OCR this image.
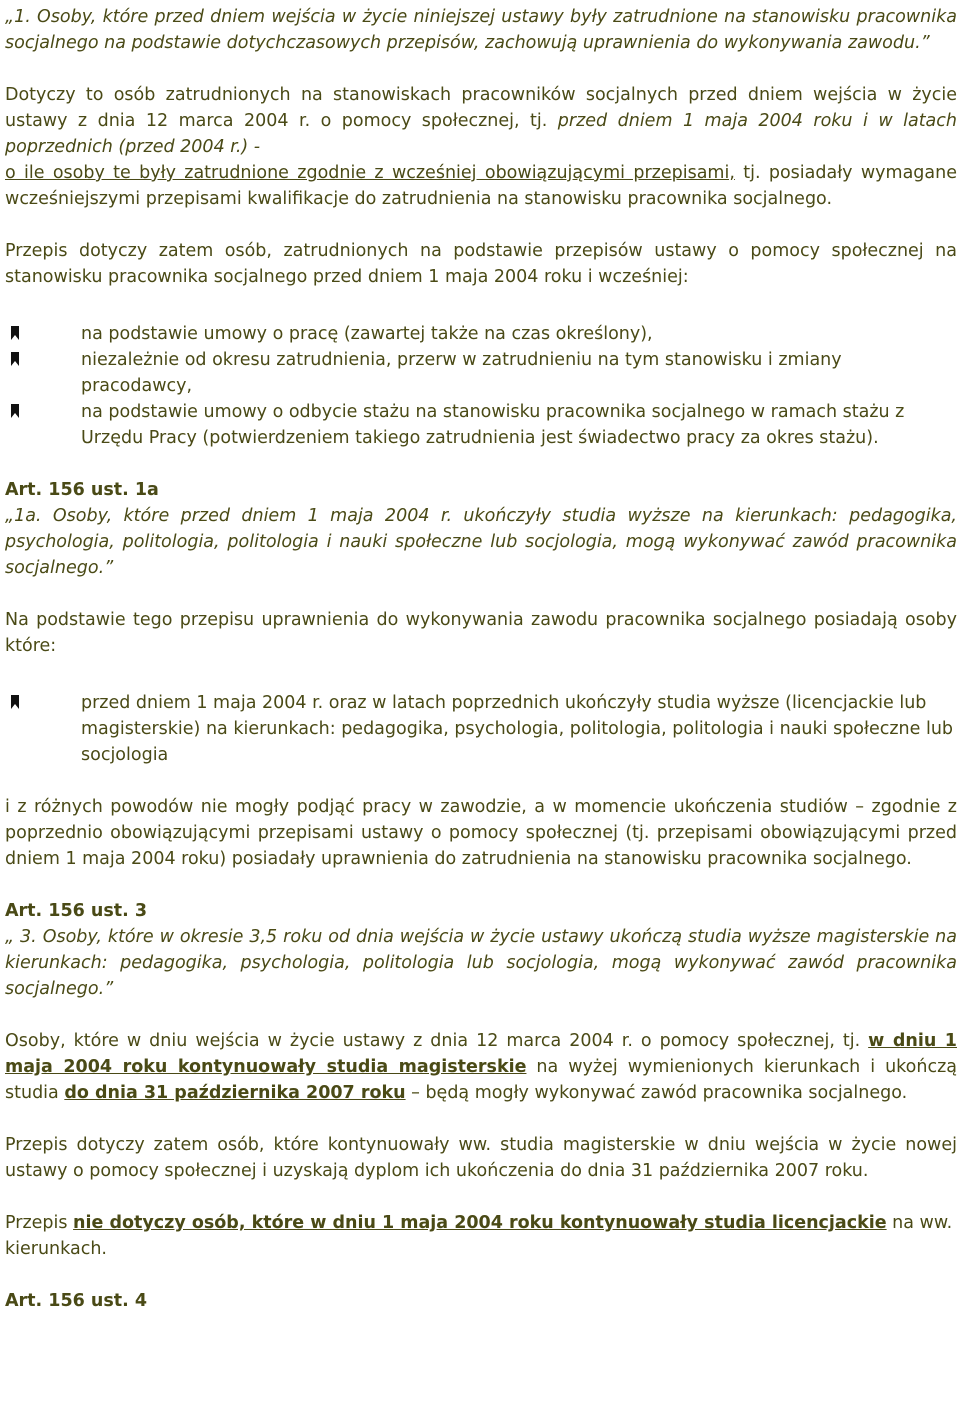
„1. Osoby, które przed dniem wejścia w życie niniejszej ustawy były zatrudnione na stanowisku pracownika socjalnego na podstawie dotychczasowych przepisów, zachowują uprawnienia do wykonywania zawodu.”

Dotyczy to osób zatrudnionych na stanowiskach pracowników socjalnych przed dniem wejścia w życie ustawy z dnia 12 marca 2004 r. o pomocy społecznej, tj. przed dniem 1 maja 2004 roku i w latach poprzednich (przed 2004 r.) -
o ile osoby te były zatrudnione zgodnie z wcześniej obowiązującymi przepisami, tj. posiadały wymagane wcześniejszymi przepisami kwalifikacje do zatrudnienia na stanowisku pracownika socjalnego.

Przepis dotyczy zatem osób, zatrudnionych na podstawie przepisów ustawy o pomocy społecznej na stanowisku pracownika socjalnego przed dniem 1 maja 2004 roku i wcześniej:

na podstawie umowy o pracę (zawartej także na czas określony),
niezależnie od okresu zatrudnienia, przerw w zatrudnieniu na tym stanowisku i zmiany pracodawcy,
na podstawie umowy o odbycie stażu na stanowisku pracownika socjalnego w ramach stażu z Urzędu Pracy (potwierdzeniem takiego zatrudnienia jest świadectwo pracy za okres stażu).

Art. 156 ust. 1a

„1a. Osoby, które przed dniem 1 maja 2004 r. ukończyły studia wyższe na kierunkach: pedagogika, psychologia, politologia, politologia i nauki społeczne lub socjologia, mogą wykonywać zawód pracownika socjalnego.”

Na podstawie tego przepisu uprawnienia do wykonywania zawodu pracownika socjalnego posiadają osoby które:

przed dniem 1 maja 2004 r. oraz w latach poprzednich ukończyły studia wyższe (licencjackie lub magisterskie) na kierunkach: pedagogika, psychologia, politologia, politologia i nauki społeczne lub socjologia

i z różnych powodów nie mogły podjąć pracy w zawodzie, a w momencie ukończenia studiów – zgodnie z poprzednio obowiązującymi przepisami ustawy o pomocy społecznej (tj. przepisami obowiązującymi przed dniem 1 maja 2004 roku) posiadały uprawnienia do zatrudnienia na stanowisku pracownika socjalnego.

Art. 156 ust. 3

„ 3. Osoby, które w okresie 3,5 roku od dnia wejścia w życie ustawy ukończą studia wyższe magisterskie na kierunkach: pedagogika, psychologia, politologia lub socjologia, mogą wykonywać zawód pracownika socjalnego.”

Osoby, które w dniu wejścia w życie ustawy z dnia 12 marca 2004 r. o pomocy społecznej, tj. w dniu 1 maja 2004 roku kontynuowały studia magisterskie na wyżej wymienionych kierunkach i ukończą studia do dnia 31 października 2007 roku – będą mogły wykonywać zawód pracownika socjalnego.

Przepis dotyczy zatem osób, które kontynuowały ww. studia magisterskie w dniu wejścia w życie nowej ustawy o pomocy społecznej i uzyskają dyplom ich ukończenia do dnia 31 października 2007 roku.

Przepis nie dotyczy osób, które w dniu 1 maja 2004 roku kontynuowały studia licencjackie na ww. kierunkach.

Art. 156 ust. 4
